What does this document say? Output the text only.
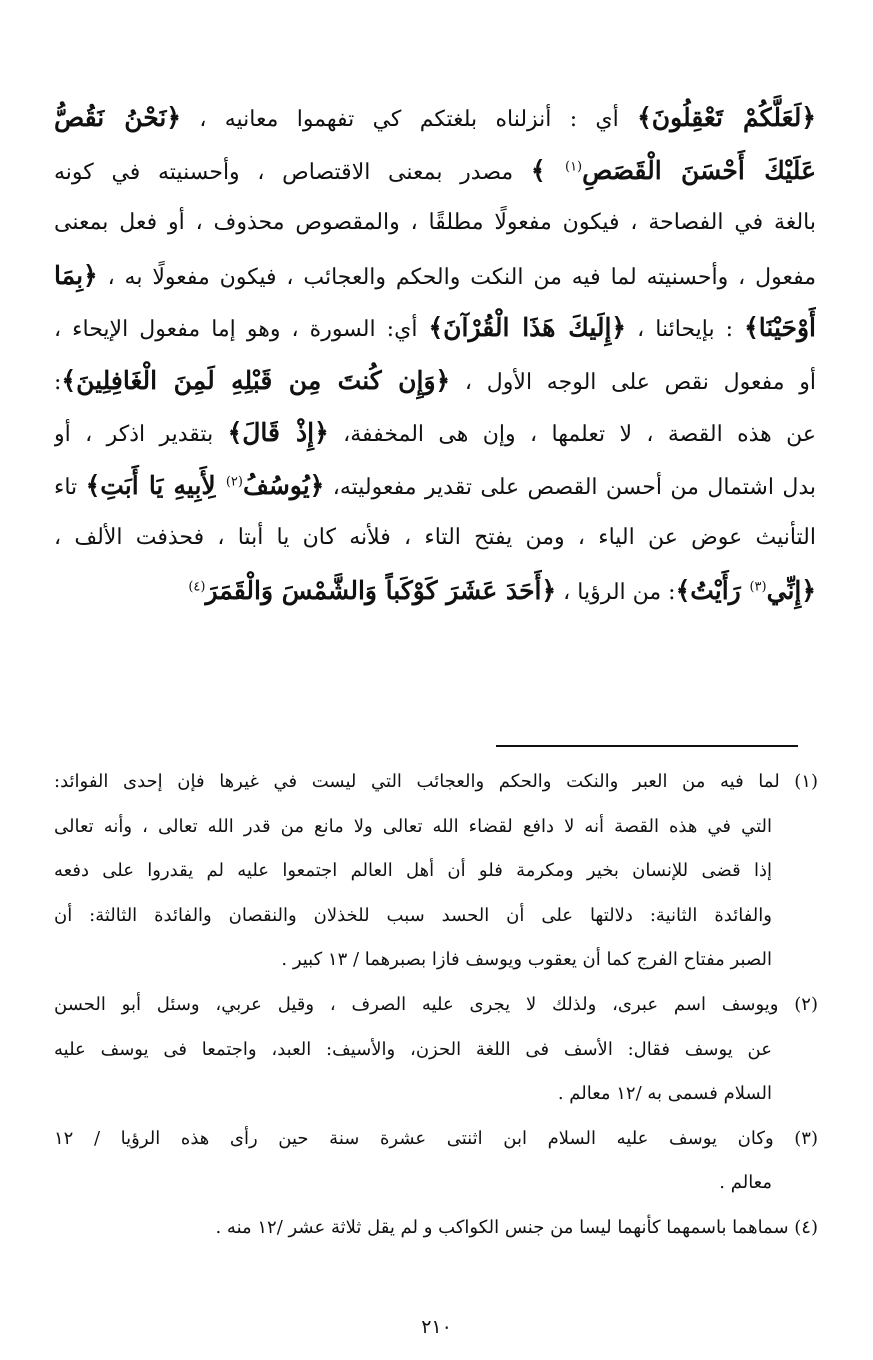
﴿لَعَلَّكُمْ تَعْقِلُونَ﴾ أي : أنزلناه بلغتكم كي تفهموا معانيه ، ﴿نَحْنُ نَقُصُّ
عَلَيْكَ أَحْسَنَ الْقَصَصِ$^{(١)}$ ﴾ مصدر بمعنى الاقتصاص ، وأحسنيته في كونه
بالغة في الفصاحة ، فيكون مفعولًا مطلقًا ، والمقصوص محذوف ، أو فعل بمعنى
مفعول ، وأحسنيته لما فيه من النكت والحكم والعجائب ، فيكون مفعولًا به ، ﴿بِمَا
أَوْحَيْنَا﴾ : بإيحائنا ، ﴿إِلَيكَ هَذَا الْقُرْآنَ﴾ أي: السورة ، وهو إما مفعول الإيحاء ،
أو مفعول نقص على الوجه الأول ، ﴿وَإِن كُنتَ مِن قَبْلِهِ لَمِنَ الْغَافِلِينَ﴾:
عن هذه القصة ، لا تعلمها ، وإن هى المخففة، ﴿إِذْ قَالَ﴾ بتقدير اذكر ، أو
بدل اشتمال من أحسن القصص على تقدير مفعوليته، ﴿يُوسُفُ$^{(٢)}$ لِأَبِيهِ يَا أَبَتِ﴾ تاء
التأنيث عوض عن الياء ، ومن يفتح التاء ، فلأنه كان يا أبتا ، فحذفت الألف ،
﴿إِنِّي$^{(٣)}$ رَأَيْتُ﴾: من الرؤيا ، ﴿أَحَدَ عَشَرَ كَوْكَباً وَالشَّمْسَ وَالْقَمَرَ$^{(٤)}$
(١) لما فيه من العبر والنكت والحكم والعجائب التي ليست في غيرها فإن إحدى الفوائد:
التي في هذه القصة أنه لا دافع لقضاء الله تعالى ولا مانع من قدر الله تعالى ، وأنه تعالى
إذا قضى للإنسان بخير ومكرمة فلو أن أهل العالم اجتمعوا عليه لم يقدروا على دفعه
والفائدة الثانية: دلالتها على أن الحسد سبب للخذلان والنقصان والفائدة الثالثة: أن
الصبر مفتاح الفرج كما أن يعقوب ويوسف فازا بصبرهما / ١٣ كبير .
(٢) ويوسف اسم عبرى، ولذلك لا يجرى عليه الصرف ، وقيل عربي، وسئل أبو الحسن
عن يوسف فقال: الأسف فى اللغة الحزن، والأسيف: العبد، واجتمعا فى يوسف عليه
السلام فسمى به /١٢ معالم .
(٣) وكان يوسف عليه السلام ابن اثنتى عشرة سنة حين رأى هذه الرؤيا / ١٢
معالم .
(٤) سماهما باسمهما كأنهما ليسا من جنس الكواكب و لم يقل ثلاثة عشر /١٢ منه .
٢١٠
